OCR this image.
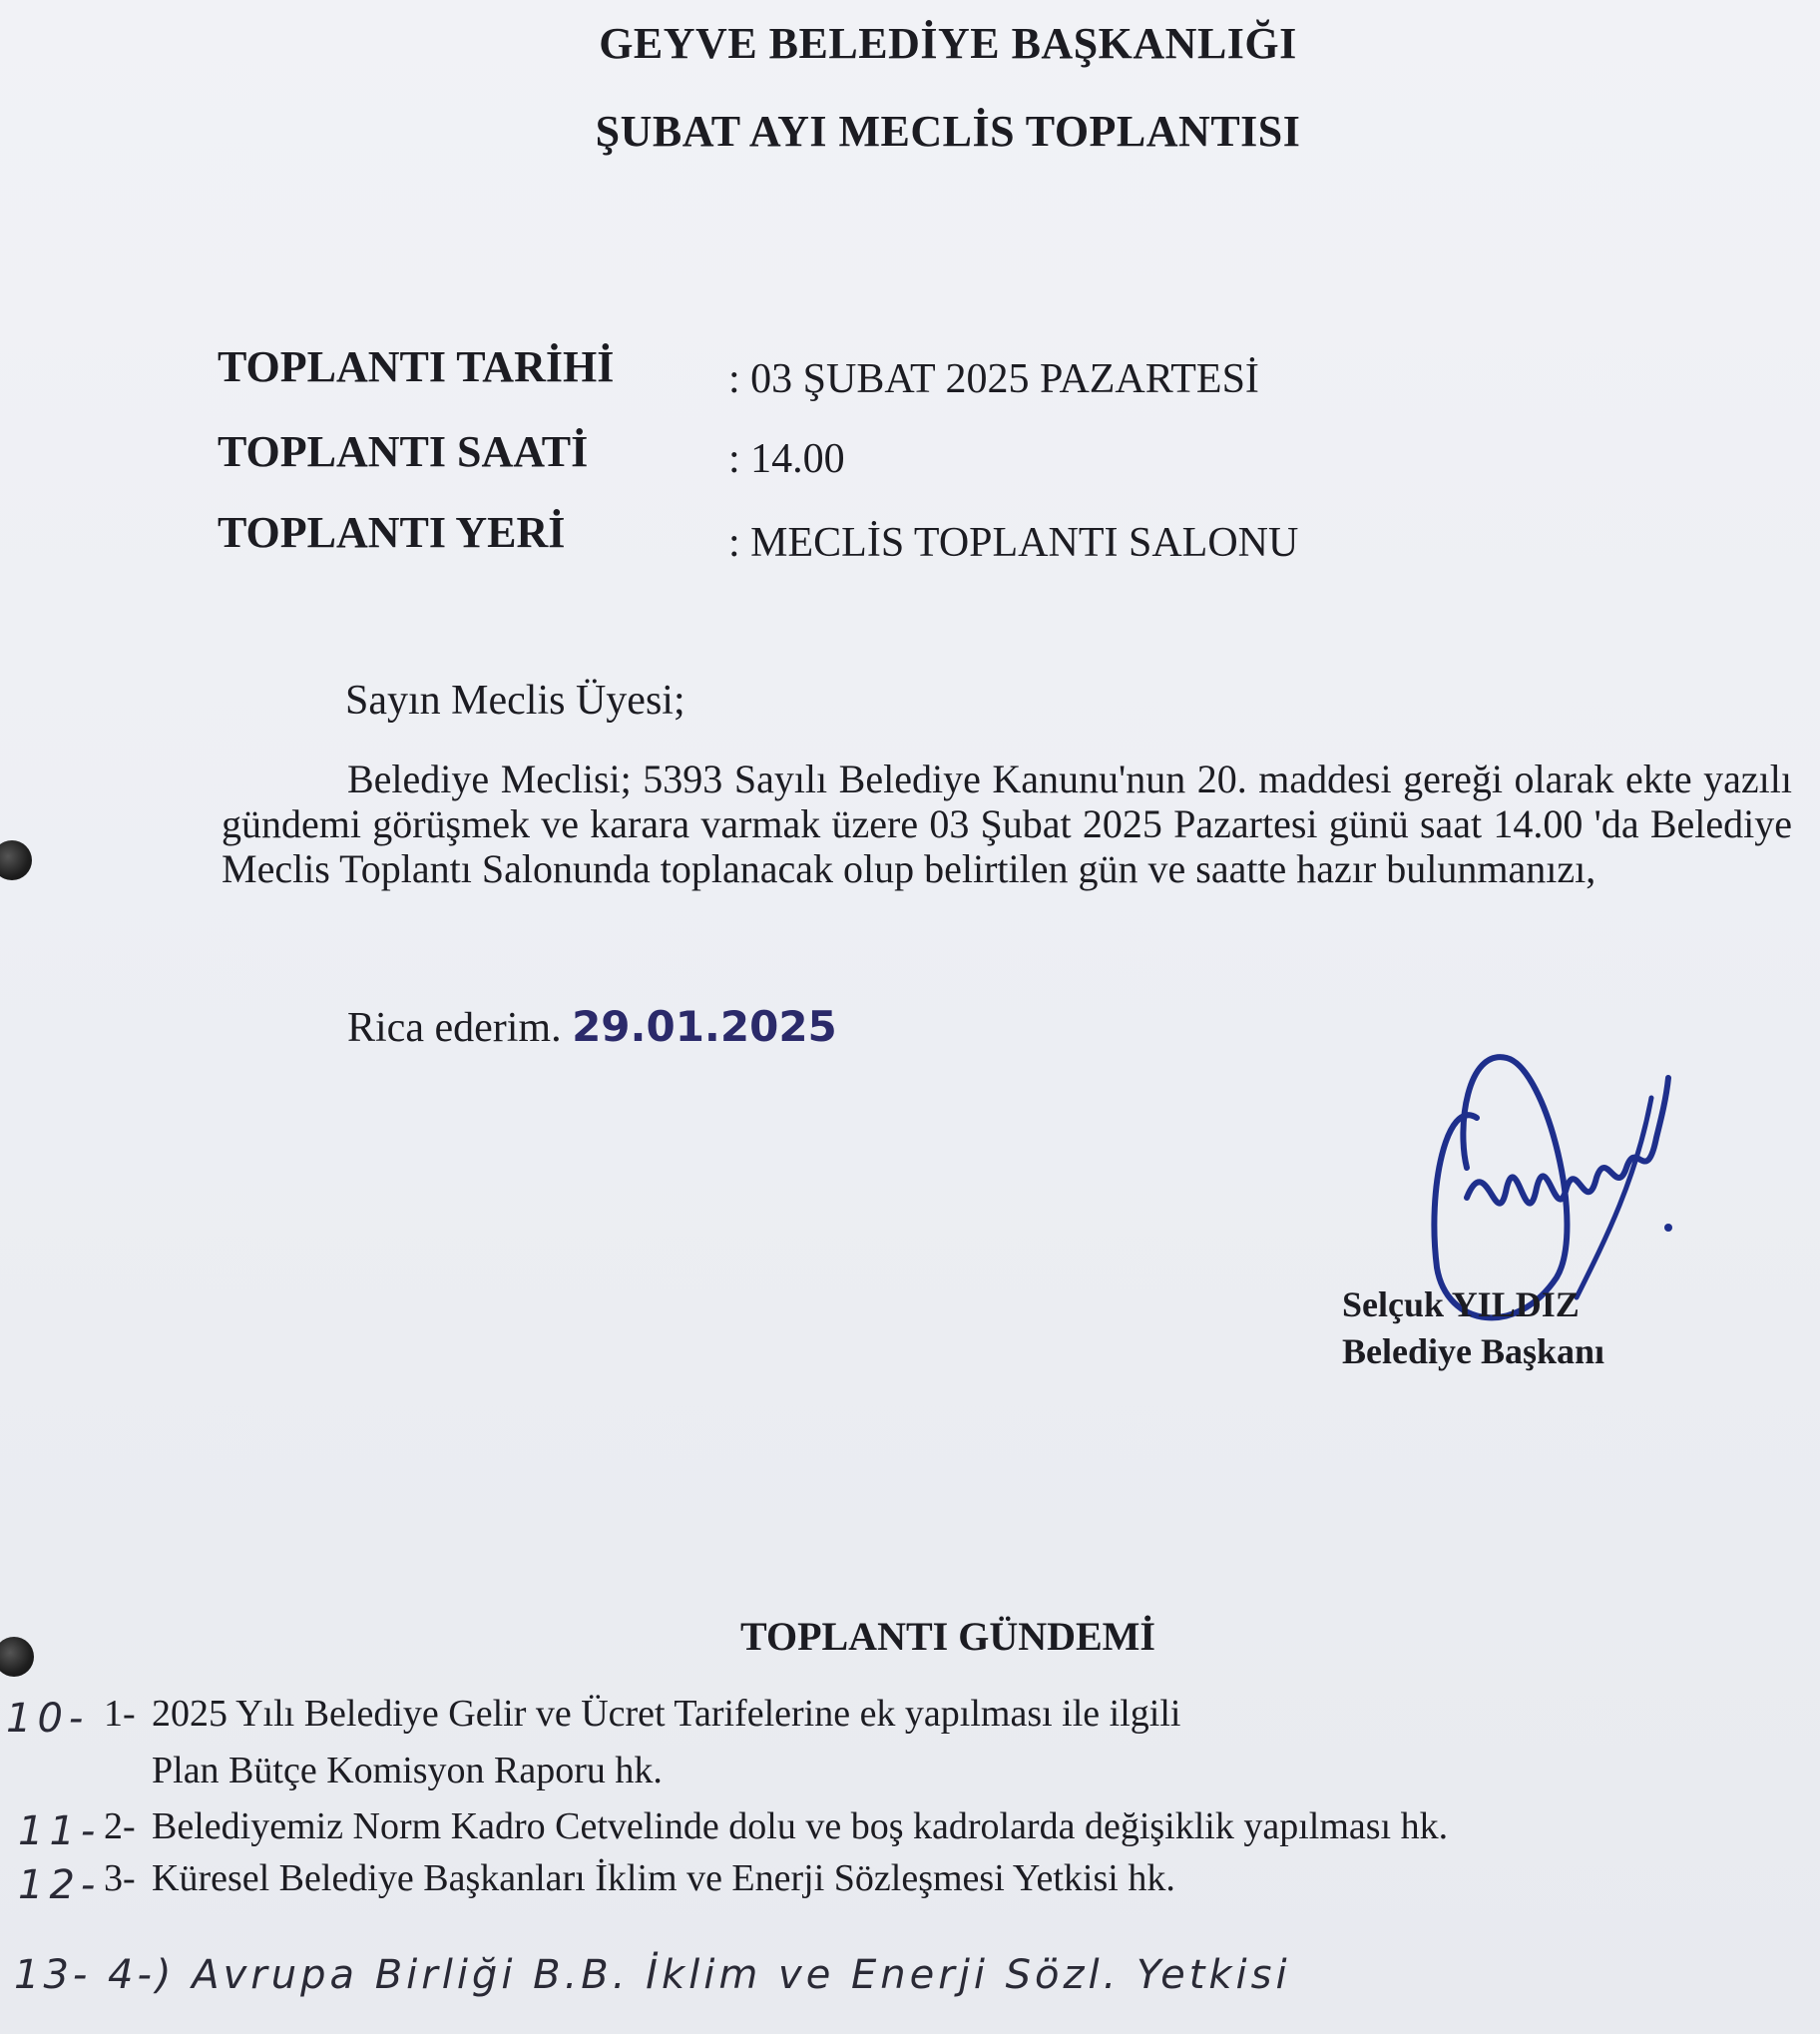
GEYVE BELEDİYE BAŞKANLIĞI
ŞUBAT AYI MECLİS TOPLANTISI
TOPLANTI TARİHİ	: 03 ŞUBAT 2025 PAZARTESİ
TOPLANTI SAATİ	: 14.00
TOPLANTI YERİ	: MECLİS TOPLANTI SALONU
Sayın Meclis Üyesi;
Belediye Meclisi; 5393 Sayılı Belediye Kanunu'nun 20. maddesi gereği olarak ekte yazılı gündemi görüşmek ve karara varmak üzere 03 Şubat 2025 Pazartesi günü saat 14.00 'da Belediye Meclis Toplantı Salonunda toplanacak olup belirtilen gün ve saatte hazır bulunmanızı,
Rica ederim. 29.01.2025
Selçuk YILDIZ
Belediye Başkanı
TOPLANTI GÜNDEMİ
10- 1- 2025 Yılı Belediye Gelir ve Ücret Tarifelerine ek yapılması ile ilgili
Plan Bütçe Komisyon Raporu hk.
11- 2- Belediyemiz Norm Kadro Cetvelinde dolu ve boş kadrolarda değişiklik yapılması hk.
12- 3- Küresel Belediye Başkanları İklim ve Enerji Sözleşmesi Yetkisi hk.
13- 4-) Avrupa Birliği B.B. İklim ve Enerji Sözl. Yetkisi
